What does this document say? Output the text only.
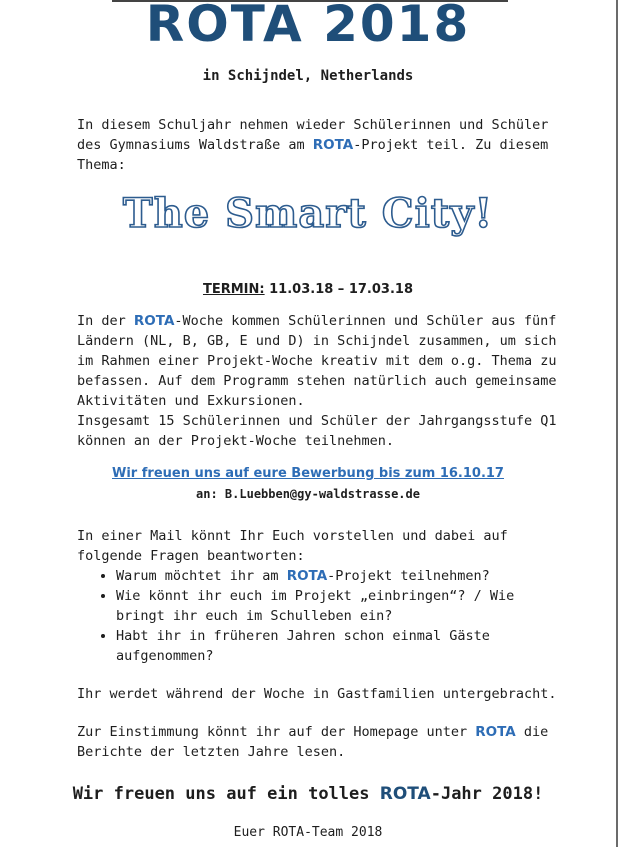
ROTA 2018
in Schijndel, Netherlands

In diesem Schuljahr nehmen wieder Schülerinnen und Schüler des Gymnasiums Waldstraße am ROTA-Projekt teil. Zu diesem Thema:

The Smart City!
TERMIN: 11.03.18 – 17.03.18

In der ROTA-Woche kommen Schülerinnen und Schüler aus fünf Ländern (NL, B, GB, E und D) in Schijndel zusammen, um sich im Rahmen einer Projekt-Woche kreativ mit dem o.g. Thema zu befassen. Auf dem Programm stehen natürlich auch gemeinsame Aktivitäten und Exkursionen.
Insgesamt 15 Schülerinnen und Schüler der Jahrgangsstufe Q1 können an der Projekt-Woche teilnehmen.

Wir freuen uns auf eure Bewerbung bis zum 16.10.17
an: B.Luebben@gy-waldstrasse.de

In einer Mail könnt Ihr Euch vorstellen und dabei auf folgende Fragen beantworten:

• Warum möchtet ihr am ROTA-Projekt teilnehmen?
• Wie könnt ihr euch im Projekt „einbringen“? / Wie bringt ihr euch im Schulleben ein?
• Habt ihr in früheren Jahren schon einmal Gäste aufgenommen?

Ihr werdet während der Woche in Gastfamilien untergebracht.

Zur Einstimmung könnt ihr auf der Homepage unter ROTA die Berichte der letzten Jahre lesen.

Wir freuen uns auf ein tolles ROTA-Jahr 2018!
Euer ROTA-Team 2018
